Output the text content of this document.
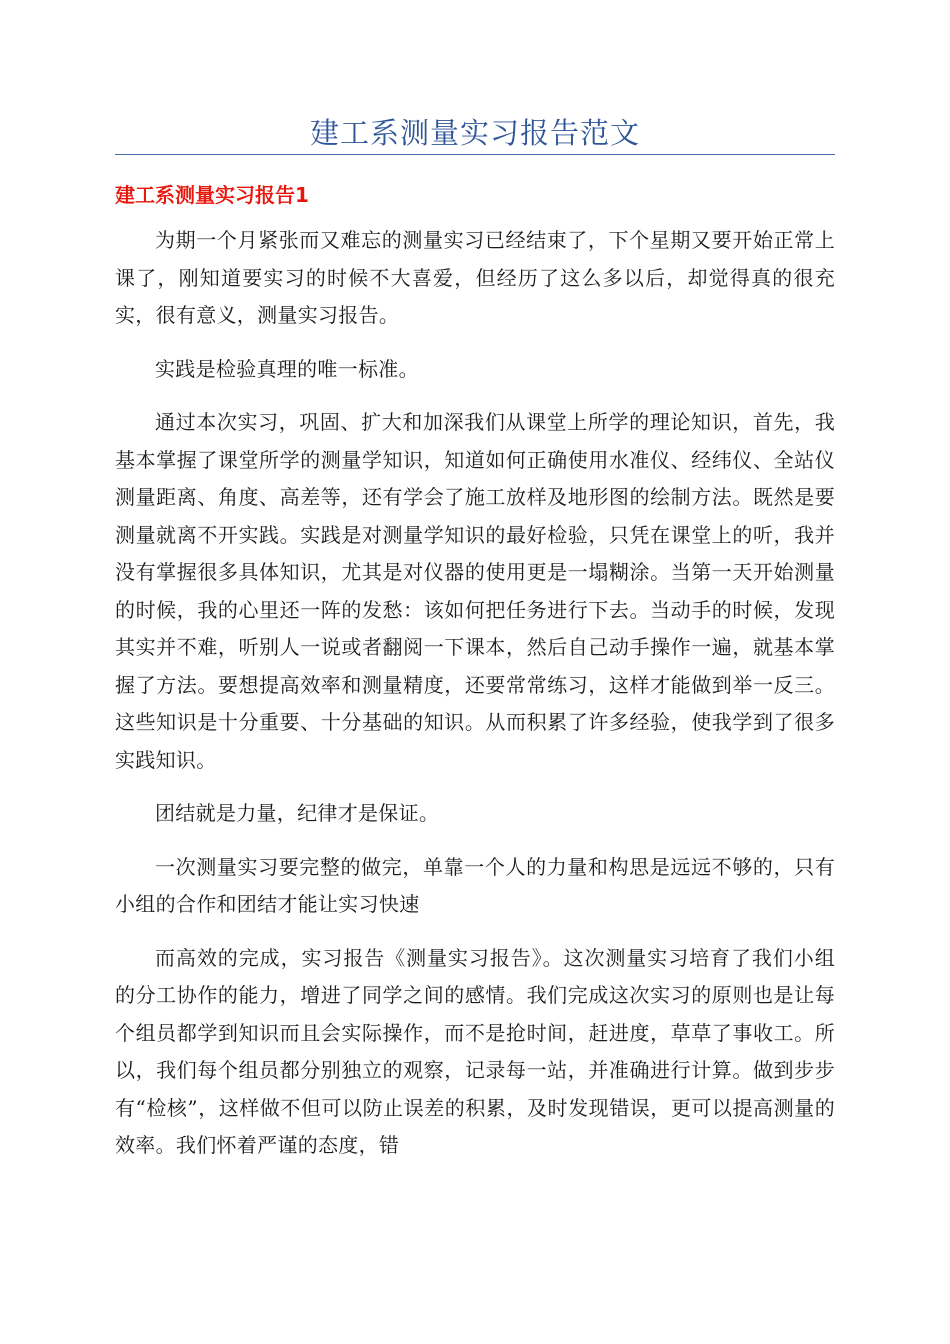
建工系测量实习报告范文
建工系测量实习报告1

为期一个月紧张而又难忘的测量实习已经结束了，下个星期又要开始正常上课了，刚知道要实习的时候不大喜爱，但经历了这么多以后，却觉得真的很充实，很有意义，测量实习报告。

实践是检验真理的唯一标准。

通过本次实习，巩固、扩大和加深我们从课堂上所学的理论知识，首先，我基本掌握了课堂所学的测量学知识，知道如何正确使用水准仪、经纬仪、全站仪测量距离、角度、高差等，还有学会了施工放样及地形图的绘制方法。既然是要测量就离不开实践。实践是对测量学知识的最好检验，只凭在课堂上的听，我并没有掌握很多具体知识，尤其是对仪器的使用更是一塌糊涂。当第一天开始测量的时候，我的心里还一阵的发愁：该如何把任务进行下去。当动手的时候，发现其实并不难，听别人一说或者翻阅一下课本，然后自己动手操作一遍，就基本掌握了方法。要想提高效率和测量精度，还要常常练习，这样才能做到举一反三。这些知识是十分重要、十分基础的知识。从而积累了许多经验，使我学到了很多实践知识。

团结就是力量，纪律才是保证。

一次测量实习要完整的做完，单靠一个人的力量和构思是远远不够的，只有小组的合作和团结才能让实习快速

而高效的完成，实习报告《测量实习报告》。这次测量实习培育了我们小组的分工协作的能力，增进了同学之间的感情。我们完成这次实习的原则也是让每个组员都学到知识而且会实际操作，而不是抢时间，赶进度，草草了事收工。所以，我们每个组员都分别独立的观察，记录每一站，并准确进行计算。做到步步有“检核”，这样做不但可以防止误差的积累，及时发现错误，更可以提高测量的效率。我们怀着严谨的态度，错
